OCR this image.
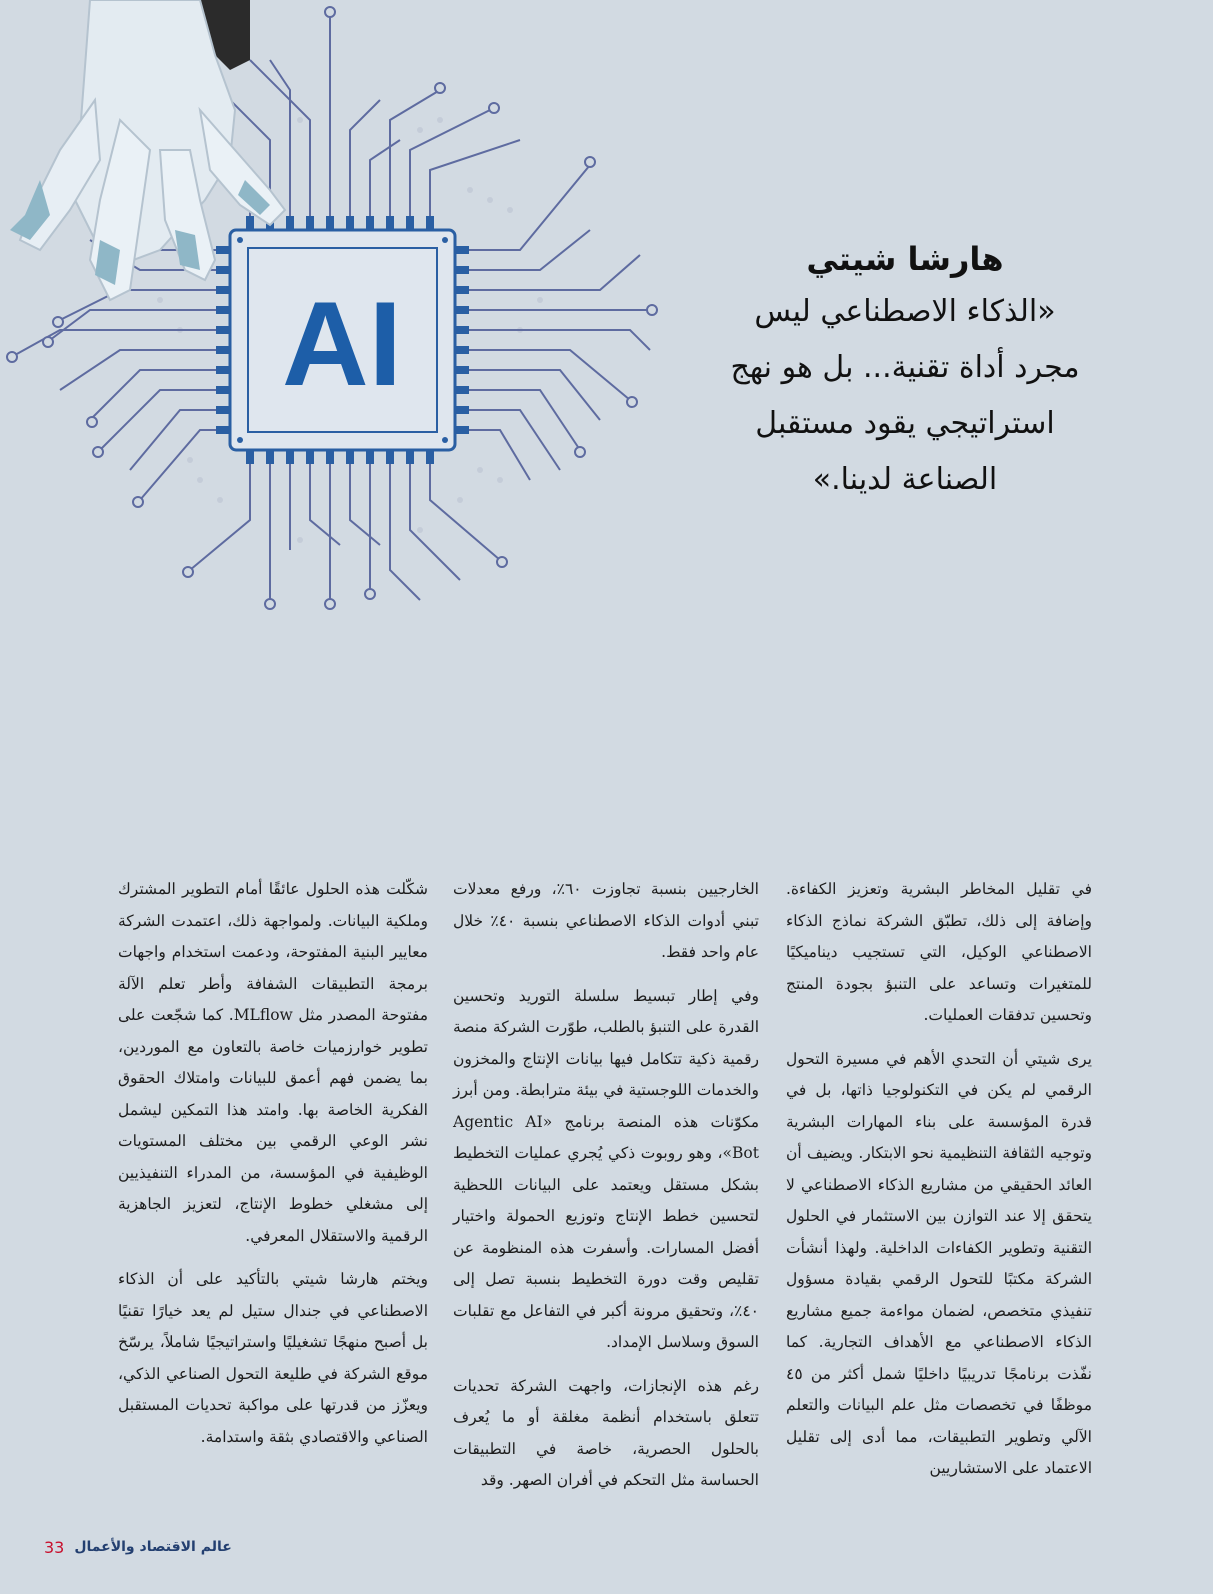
AI
هارشا شيتي
«الذكاء الاصطناعي ليس
مجرد أداة تقنية... بل هو نهج
استراتيجي يقود مستقبل
الصناعة لدينا.»

في تقليل المخاطر البشرية وتعزيز الكفاءة. وإضافة إلى ذلك، تطبّق الشركة نماذج الذكاء الاصطناعي الوكيل، التي تستجيب ديناميكيًا للمتغيرات وتساعد على التنبؤ بجودة المنتج وتحسين تدفقات العمليات.

يرى شيتي أن التحدي الأهم في مسيرة التحول الرقمي لم يكن في التكنولوجيا ذاتها، بل في قدرة المؤسسة على بناء المهارات البشرية وتوجيه الثقافة التنظيمية نحو الابتكار. ويضيف أن العائد الحقيقي من مشاريع الذكاء الاصطناعي لا يتحقق إلا عند التوازن بين الاستثمار في الحلول التقنية وتطوير الكفاءات الداخلية. ولهذا أنشأت الشركة مكتبًا للتحول الرقمي بقيادة مسؤول تنفيذي متخصص، لضمان مواءمة جميع مشاريع الذكاء الاصطناعي مع الأهداف التجارية. كما نفّذت برنامجًا تدريبيًا داخليًا شمل أكثر من ٤٥ موظفًا في تخصصات مثل علم البيانات والتعلم الآلي وتطوير التطبيقات، مما أدى إلى تقليل الاعتماد على الاستشاريين

الخارجيين بنسبة تجاوزت ٦٠٪، ورفع معدلات تبني أدوات الذكاء الاصطناعي بنسبة ٤٠٪ خلال عام واحد فقط.

وفي إطار تبسيط سلسلة التوريد وتحسين القدرة على التنبؤ بالطلب، طوّرت الشركة منصة رقمية ذكية تتكامل فيها بيانات الإنتاج والمخزون والخدمات اللوجستية في بيئة مترابطة. ومن أبرز مكوّنات هذه المنصة برنامج «Agentic AI Bot»، وهو روبوت ذكي يُجري عمليات التخطيط بشكل مستقل ويعتمد على البيانات اللحظية لتحسين خطط الإنتاج وتوزيع الحمولة واختيار أفضل المسارات. وأسفرت هذه المنظومة عن تقليص وقت دورة التخطيط بنسبة تصل إلى ٤٠٪، وتحقيق مرونة أكبر في التفاعل مع تقلبات السوق وسلاسل الإمداد.

رغم هذه الإنجازات، واجهت الشركة تحديات تتعلق باستخدام أنظمة مغلقة أو ما يُعرف بالحلول الحصرية، خاصة في التطبيقات الحساسة مثل التحكم في أفران الصهر. وقد

شكّلت هذه الحلول عائقًا أمام التطوير المشترك وملكية البيانات. ولمواجهة ذلك، اعتمدت الشركة معايير البنية المفتوحة، ودعمت استخدام واجهات برمجة التطبيقات الشفافة وأطر تعلم الآلة مفتوحة المصدر مثل MLflow. كما شجّعت على تطوير خوارزميات خاصة بالتعاون مع الموردين، بما يضمن فهم أعمق للبيانات وامتلاك الحقوق الفكرية الخاصة بها. وامتد هذا التمكين ليشمل نشر الوعي الرقمي بين مختلف المستويات الوظيفية في المؤسسة، من المدراء التنفيذيين إلى مشغلي خطوط الإنتاج، لتعزيز الجاهزية الرقمية والاستقلال المعرفي.

ويختم هارشا شيتي بالتأكيد على أن الذكاء الاصطناعي في جندال ستيل لم يعد خيارًا تقنيًا بل أصبح منهجًا تشغيليًا واستراتيجيًا شاملاً، يرسّخ موقع الشركة في طليعة التحول الصناعي الذكي، ويعزّز من قدرتها على مواكبة تحديات المستقبل الصناعي والاقتصادي بثقة واستدامة.

33 عالم الاقتصاد والأعمال
